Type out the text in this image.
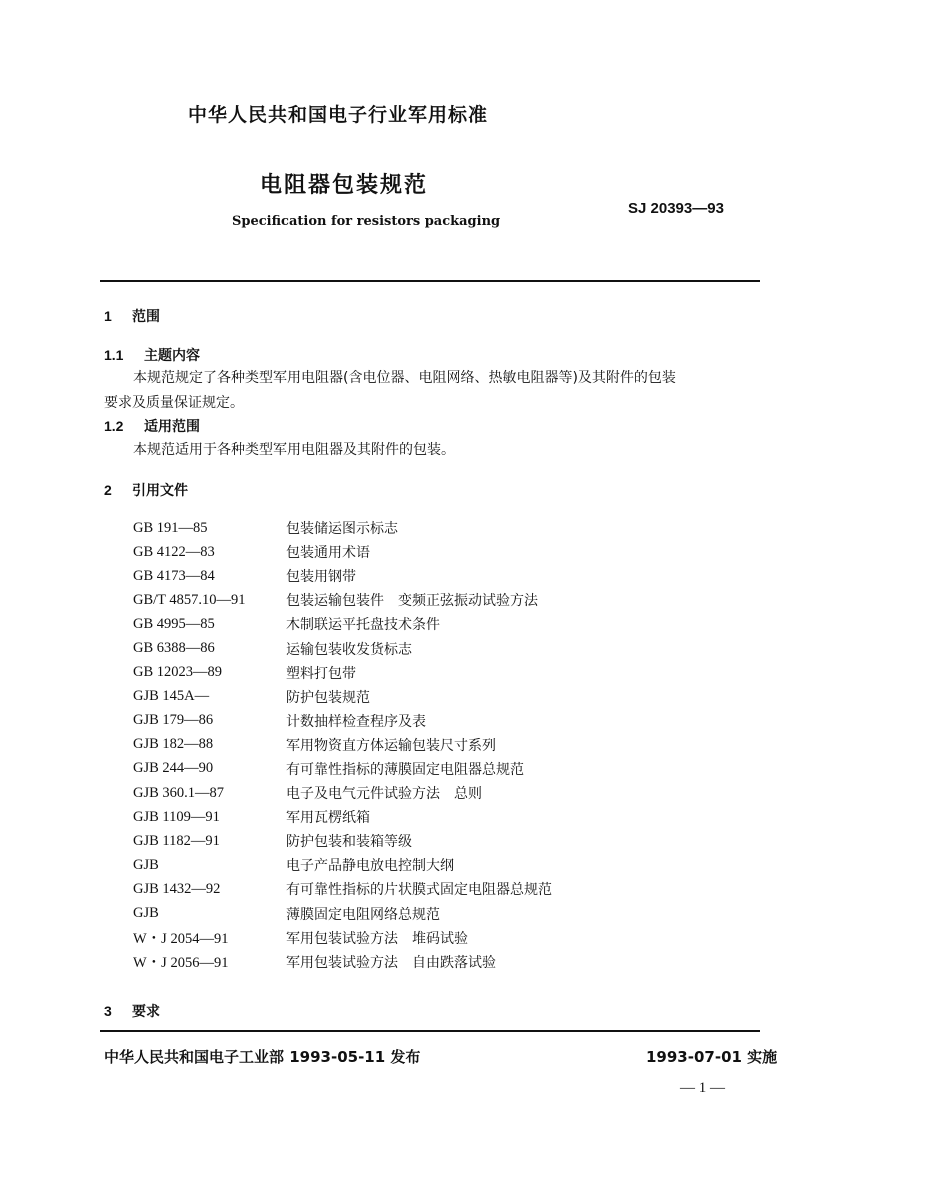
中华人民共和国电子行业军用标准
电阻器包装规范
Specification for resistors packaging
SJ 20393—93
1 范围
1.1 主题内容
本规范规定了各种类型军用电阻器(含电位器、电阻网络、热敏电阻器等)及其附件的包装
要求及质量保证规定。
1.2 适用范围
本规范适用于各种类型军用电阻器及其附件的包装。
2 引用文件
GB 191—85	包装储运图示标志
GB 4122—83	包装通用术语
GB 4173—84	包装用钢带
GB/T 4857.10—91	包装运输包装件　变频正弦振动试验方法
GB 4995—85	木制联运平托盘技术条件
GB 6388—86	运输包装收发货标志
GB 12023—89	塑料打包带
GJB 145A—	防护包装规范
GJB 179—86	计数抽样检查程序及表
GJB 182—88	军用物资直方体运输包装尺寸系列
GJB 244—90	有可靠性指标的薄膜固定电阻器总规范
GJB 360.1—87	电子及电气元件试验方法　总则
GJB 1109—91	军用瓦楞纸箱
GJB 1182—91	防护包装和装箱等级
GJB	电子产品静电放电控制大纲
GJB 1432—92	有可靠性指标的片状膜式固定电阻器总规范
GJB	薄膜固定电阻网络总规范
W・J 2054—91	军用包装试验方法　堆码试验
W・J 2056—91	军用包装试验方法　自由跌落试验
3 要求
中华人民共和国电子工业部 1993-05-11 发布	1993-07-01 实施
— 1 —
